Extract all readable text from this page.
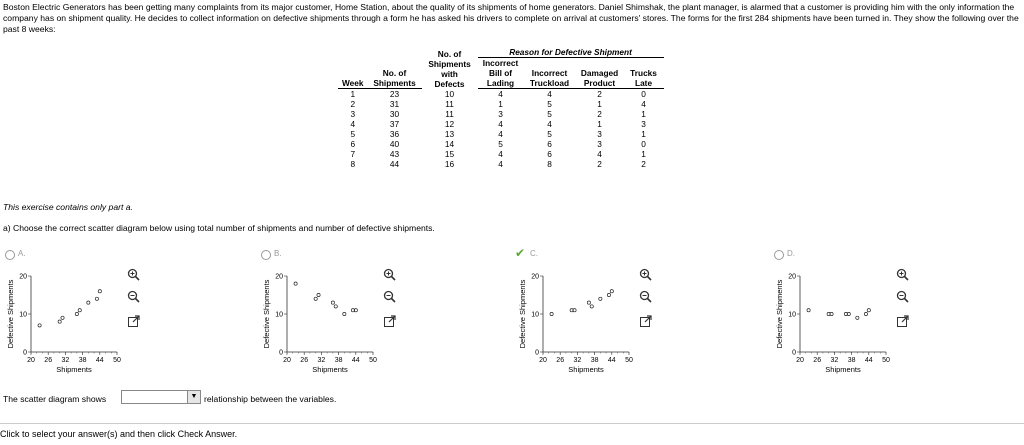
Boston Electric Generators has been getting many complaints from its major customer, Home Station, about the quality of its shipments of home generators. Daniel Shimshak, the plant manager, is alarmed that a customer is providing him with the only information the company has on shipment quality. He decides to collect information on defective shipments through a form he has asked his drivers to complete on arrival at customers' stores. The forms for the first 284 shipments have been turned in. They show the following over the past 8 weeks:
		No. of Shipments with Defects	Reason for Defective Shipment			
Week	No. of Shipments		Incorrect Bill of Lading	Incorrect Truckload	Damaged Product	Trucks Late
1	23	10	4	4	2	0
2	31	11	1	5	1	4
3	30	11	3	5	2	1
4	37	12	4	4	1	3
5	36	13	4	5	3	1
6	40	14	5	6	3	0
7	43	15	4	6	4	1
8	44	16	4	8	2	2
This exercise contains only part a.
a) Choose the correct scatter diagram below using total number of shipments and number of defective shipments.
A.
20 26 32 38 44 50
0
10
20
Shipments
Defective Shipments
B.
20 26 32 38 44 50
0
10
20
Shipments
Defective Shipments
✔ C.
20 26 32 38 44 50
0
10
20
Shipments
Defective Shipments
D.
20 26 32 38 44 50
0
10
20
Shipments
Defective Shipments
The scatter diagram shows	▼ relationship between the variables.
Click to select your answer(s) and then click Check Answer.
